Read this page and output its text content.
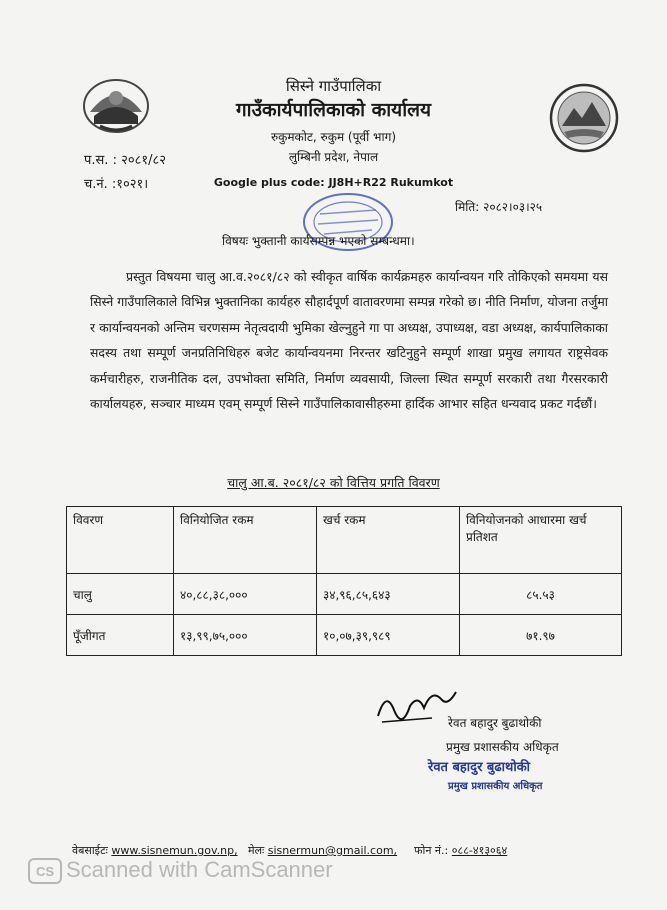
सिस्ने गाउँपालिका
गाउँकार्यपालिकाको कार्यालय
रुकुमकोट, रुकुम (पूर्वी भाग)
लुम्बिनी प्रदेश, नेपाल
Google plus code: JJ8H+R22 Rukumkot
प.स. : २०८१/८२
च.नं. :१०२१।
मिति: २०८२।०३।२५
विषयः भुक्तानी कार्यसम्पन्न भएको सम्बन्धमा।

प्रस्तुत विषयमा चालु आ.व.२०८१/८२ को स्वीकृत वार्षिक कार्यक्रमहरु कार्यान्वयन गरि तोकिएको समयमा यस सिस्ने गाउँपालिकाले विभिन्न भुक्तानिका कार्यहरु सौहार्दपूर्ण वातावरणमा सम्पन्न गरेको छ। नीति निर्माण, योजना तर्जुमा र कार्यान्वयनको अन्तिम चरणसम्म नेतृत्वदायी भुमिका खेल्नुहुने गा पा अध्यक्ष, उपाध्यक्ष, वडा अध्यक्ष, कार्यपालिकाका सदस्य तथा सम्पूर्ण जनप्रतिनिधिहरु बजेट कार्यान्वयनमा निरन्तर खटिनुहुने सम्पूर्ण शाखा प्रमुख लगायत राष्ट्रसेवक कर्मचारीहरु, राजनीतिक दल, उपभोक्ता समिति, निर्माण व्यवसायी, जिल्ला स्थित सम्पूर्ण सरकारी तथा गैरसरकारी कार्यालयहरु, सञ्चार माध्यम एवम् सम्पूर्ण सिस्ने गाउँपालिकावासीहरुमा हार्दिक आभार सहित धन्यवाद प्रकट गर्दछौं।

चालु आ.ब. २०८१/८२ को वित्तिय प्रगति विवरण
विवरण	विनियोजित रकम	खर्च रकम	विनियोजनको आधारमा खर्च प्रतिशत
चालु	४०,८८,३८,०००	३४,९६,८५,६४३	८५.५३
पूँजीगत	१३,९९,७५,०००	१०,०७,३९,९८९	७१.९७
रेवत बहादुर बुढाथोकी
प्रमुख प्रशासकीय अधिकृत
रेवत बहादुर बुढाथोकी
प्रमुख प्रशासकीय अधिकृत
वेबसाईटः www.sisnemun.gov.np, मेलः sisnermun@gmail.com, फोन नं.: ०८८-४१३०६४
CS Scanned with CamScanner
